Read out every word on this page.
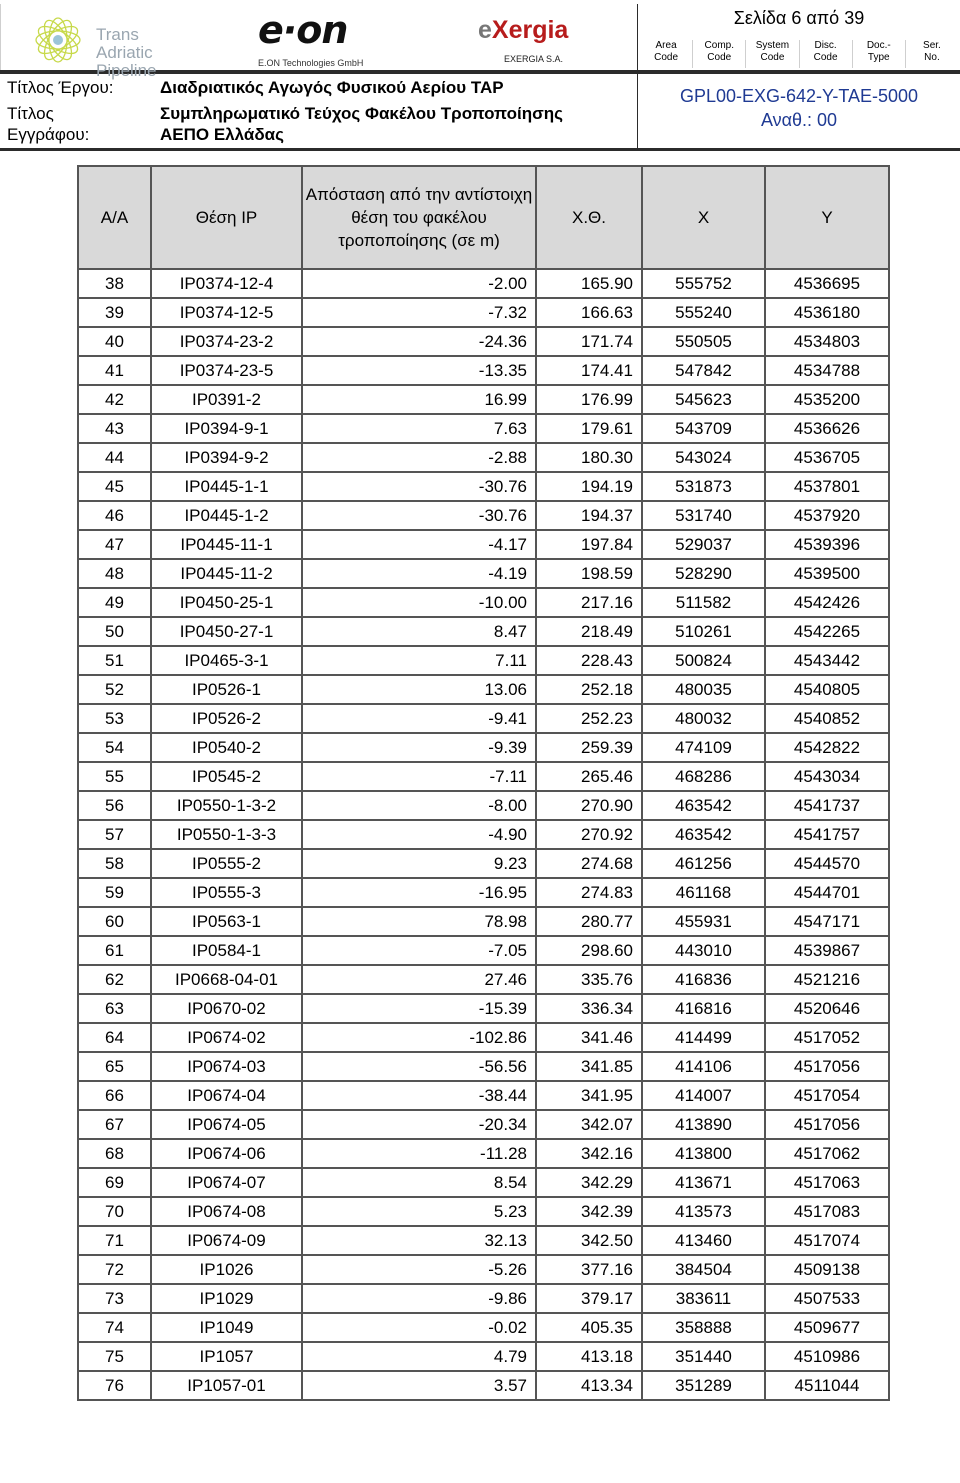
Trans Adriatic
Pipeline
e·on
E.ON Technologies GmbH
eXergia
EXERGIA S.A.
Σελίδα 6 από 39
Area
Code
Comp.
Code
System
Code
Disc.
Code
Doc.-
Type
Ser.
No.
Τίτλος Έργου:	Διαδριατικός Αγωγός Φυσικού Αερίου TAP
Τίτλος
Εγγράφου:
Συμπληρωματικό Τεύχος Φακέλου Τροποποίησης
ΑΕΠΟ Ελλάδας
GPL00-EXG-642-Y-TAE-5000
Αναθ.: 00
Α/Α	Θέση IP	Απόσταση από την αντίστοιχη θέση του φακέλου τροποποίησης (σε m)	Χ.Θ.	X	Y
38	IP0374-12-4	-2.00	165.90	555752	4536695
39	IP0374-12-5	-7.32	166.63	555240	4536180
40	IP0374-23-2	-24.36	171.74	550505	4534803
41	IP0374-23-5	-13.35	174.41	547842	4534788
42	IP0391-2	16.99	176.99	545623	4535200
43	IP0394-9-1	7.63	179.61	543709	4536626
44	IP0394-9-2	-2.88	180.30	543024	4536705
45	IP0445-1-1	-30.76	194.19	531873	4537801
46	IP0445-1-2	-30.76	194.37	531740	4537920
47	IP0445-11-1	-4.17	197.84	529037	4539396
48	IP0445-11-2	-4.19	198.59	528290	4539500
49	IP0450-25-1	-10.00	217.16	511582	4542426
50	IP0450-27-1	8.47	218.49	510261	4542265
51	IP0465-3-1	7.11	228.43	500824	4543442
52	IP0526-1	13.06	252.18	480035	4540805
53	IP0526-2	-9.41	252.23	480032	4540852
54	IP0540-2	-9.39	259.39	474109	4542822
55	IP0545-2	-7.11	265.46	468286	4543034
56	IP0550-1-3-2	-8.00	270.90	463542	4541737
57	IP0550-1-3-3	-4.90	270.92	463542	4541757
58	IP0555-2	9.23	274.68	461256	4544570
59	IP0555-3	-16.95	274.83	461168	4544701
60	IP0563-1	78.98	280.77	455931	4547171
61	IP0584-1	-7.05	298.60	443010	4539867
62	IP0668-04-01	27.46	335.76	416836	4521216
63	IP0670-02	-15.39	336.34	416816	4520646
64	IP0674-02	-102.86	341.46	414499	4517052
65	IP0674-03	-56.56	341.85	414106	4517056
66	IP0674-04	-38.44	341.95	414007	4517054
67	IP0674-05	-20.34	342.07	413890	4517056
68	IP0674-06	-11.28	342.16	413800	4517062
69	IP0674-07	8.54	342.29	413671	4517063
70	IP0674-08	5.23	342.39	413573	4517083
71	IP0674-09	32.13	342.50	413460	4517074
72	IP1026	-5.26	377.16	384504	4509138
73	IP1029	-9.86	379.17	383611	4507533
74	IP1049	-0.02	405.35	358888	4509677
75	IP1057	4.79	413.18	351440	4510986
76	IP1057-01	3.57	413.34	351289	4511044
